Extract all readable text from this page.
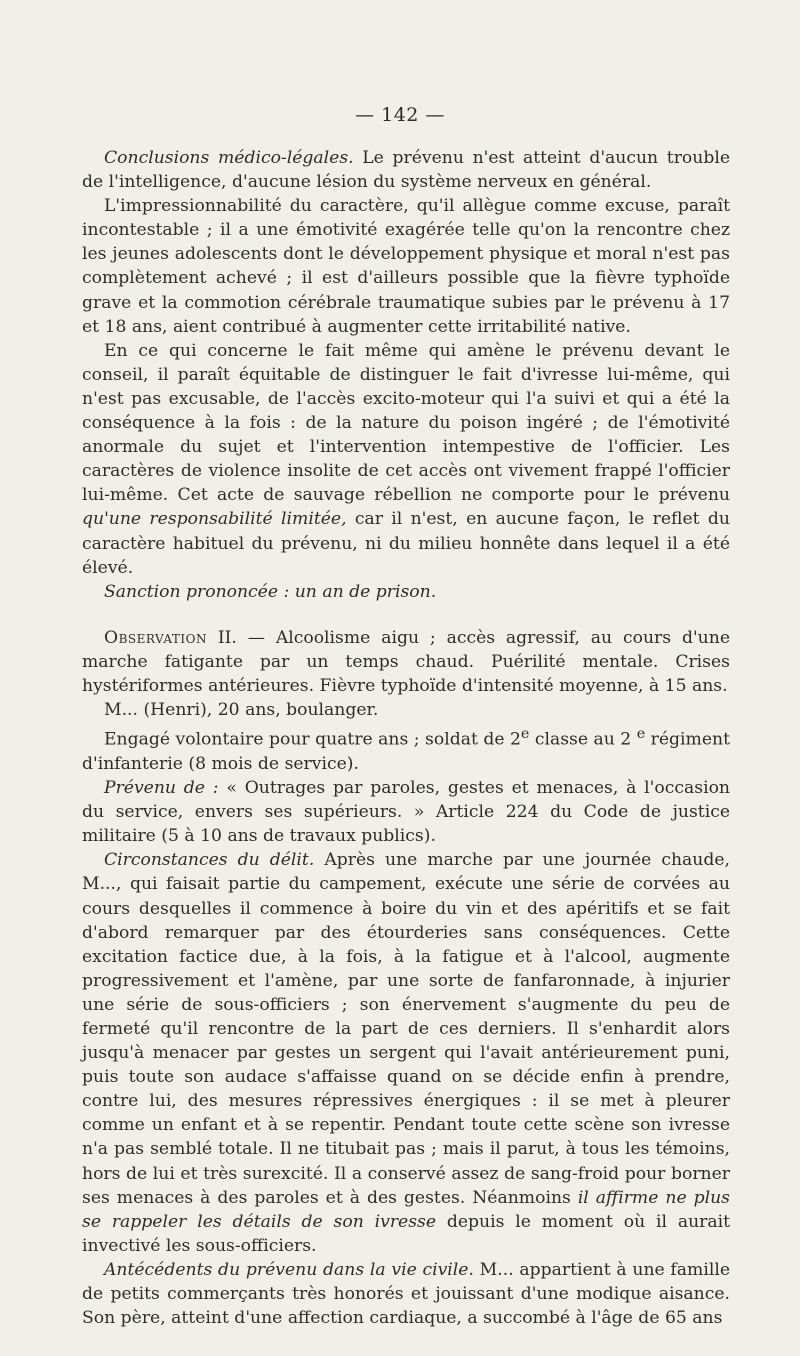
— 142 —

Conclusions médico-légales. Le prévenu n'est atteint d'aucun trouble de l'intelligence, d'aucune lésion du système nerveux en général.

L'impressionnabilité du caractère, qu'il allègue comme excuse, paraît incontestable ; il a une émotivité exagérée telle qu'on la rencontre chez les jeunes adolescents dont le développement physique et moral n'est pas complètement achevé ; il est d'ailleurs possible que la fièvre typhoïde grave et la commotion cérébrale traumatique subies par le prévenu à 17 et 18 ans, aient contribué à augmenter cette irritabilité native.

En ce qui concerne le fait même qui amène le prévenu devant le conseil, il paraît équitable de distinguer le fait d'ivresse lui-même, qui n'est pas excusable, de l'accès excito-moteur qui l'a suivi et qui a été la conséquence à la fois : de la nature du poison ingéré ; de l'émotivité anormale du sujet et l'intervention intempestive de l'officier. Les caractères de violence insolite de cet accès ont vivement frappé l'officier lui-même. Cet acte de sauvage rébellion ne comporte pour le prévenu qu'une responsabilité limitée, car il n'est, en aucune façon, le reflet du caractère habituel du prévenu, ni du milieu honnête dans lequel il a été élevé.

Sanction prononcée : un an de prison.

Observation II. — Alcoolisme aigu ; accès agressif, au cours d'une marche fatigante par un temps chaud. Puérilité mentale. Crises hystériformes antérieures. Fièvre typhoïde d'intensité moyenne, à 15 ans.

M... (Henri), 20 ans, boulanger.

Engagé volontaire pour quatre ans ; soldat de 2e classe au 2 $^e$ régiment d'infanterie (8 mois de service).

Prévenu de : « Outrages par paroles, gestes et menaces, à l'occasion du service, envers ses supérieurs. » Article 224 du Code de justice militaire (5 à 10 ans de travaux publics).

Circonstances du délit. Après une marche par une journée chaude, M..., qui faisait partie du campement, exécute une série de corvées au cours desquelles il commence à boire du vin et des apéritifs et se fait d'abord remarquer par des étourderies sans conséquences. Cette excitation factice due, à la fois, à la fatigue et à l'alcool, augmente progressivement et l'amène, par une sorte de fanfaronnade, à injurier une série de sous-officiers ; son énervement s'augmente du peu de fermeté qu'il rencontre de la part de ces derniers. Il s'enhardit alors jusqu'à menacer par gestes un sergent qui l'avait antérieurement puni, puis toute son audace s'affaisse quand on se décide enfin à prendre, contre lui, des mesures répressives énergiques : il se met à pleurer comme un enfant et à se repentir. Pendant toute cette scène son ivresse n'a pas semblé totale. Il ne titubait pas ; mais il parut, à tous les témoins, hors de lui et très surexcité. Il a conservé assez de sang-froid pour borner ses menaces à des paroles et à des gestes. Néanmoins il affirme ne plus se rappeler les détails de son ivresse depuis le moment où il aurait invectivé les sous-officiers.

Antécédents du prévenu dans la vie civile. M... appartient à une famille de petits commerçants très honorés et jouissant d'une modique aisance. Son père, atteint d'une affection cardiaque, a succombé à l'âge de 65 ans
